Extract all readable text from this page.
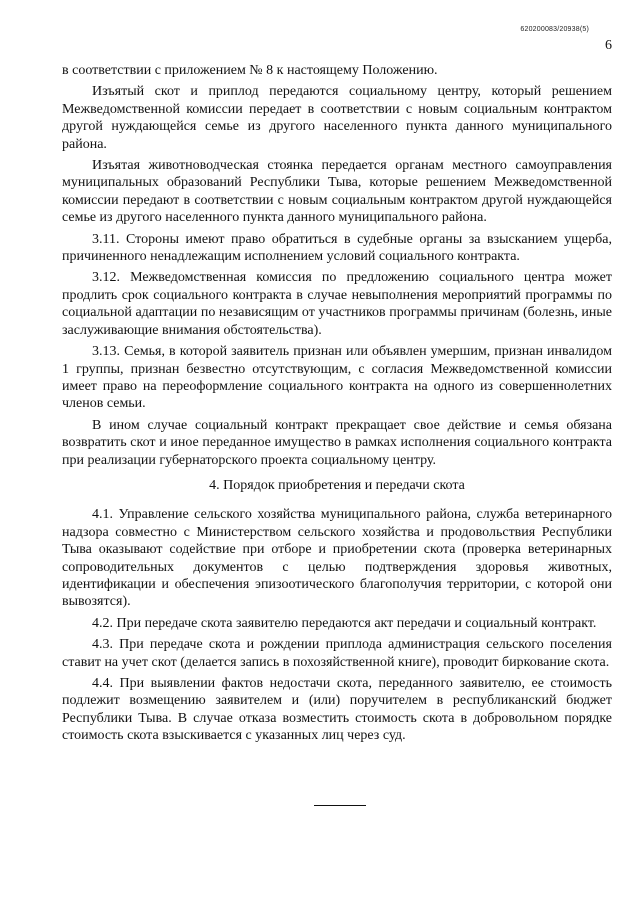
620200083/20938(5)
6

в соответствии с приложением № 8 к настоящему Положению.

Изъятый скот и приплод передаются социальному центру, который решением Межведомственной комиссии передает в соответствии с новым социальным контрактом другой нуждающейся семье из другого населенного пункта данного муниципального района.

Изъятая животноводческая стоянка передается органам местного самоуправления муниципальных образований Республики Тыва, которые решением Межведомственной комиссии передают в соответствии с новым социальным контрактом другой нуждающейся семье из другого населенного пункта данного муниципального района.

3.11. Стороны имеют право обратиться в судебные органы за взысканием ущерба, причиненного ненадлежащим исполнением условий социального контракта.

3.12. Межведомственная комиссия по предложению социального центра может продлить срок социального контракта в случае невыполнения мероприятий программы по социальной адаптации по независящим от участников программы причинам (болезнь, иные заслуживающие внимания обстоятельства).

3.13. Семья, в которой заявитель признан или объявлен умершим, признан инвалидом 1 группы, признан безвестно отсутствующим, с согласия Межведомственной комиссии имеет право на переоформление социального контракта на одного из совершеннолетних членов семьи.

В ином случае социальный контракт прекращает свое действие и семья обязана возвратить скот и иное переданное имущество в рамках исполнения социального контракта при реализации губернаторского проекта социальному центру.

4. Порядок приобретения и передачи скота

4.1. Управление сельского хозяйства муниципального района, служба ветеринарного надзора совместно с Министерством сельского хозяйства и продовольствия Республики Тыва оказывают содействие при отборе и приобретении скота (проверка ветеринарных сопроводительных документов с целью подтверждения здоровья животных, идентификации и обеспечения эпизоотического благополучия территории, с которой они вывозятся).

4.2. При передаче скота заявителю передаются акт передачи и социальный контракт.

4.3. При передаче скота и рождении приплода администрация сельского поселения ставит на учет скот (делается запись в похозяйственной книге), проводит биркование скота.

4.4. При выявлении фактов недостачи скота, переданного заявителю, ее стоимость подлежит возмещению заявителем и (или) поручителем в республиканский бюджет Республики Тыва. В случае отказа возместить стоимость скота в добровольном порядке стоимость скота взыскивается с указанных лиц через суд.
